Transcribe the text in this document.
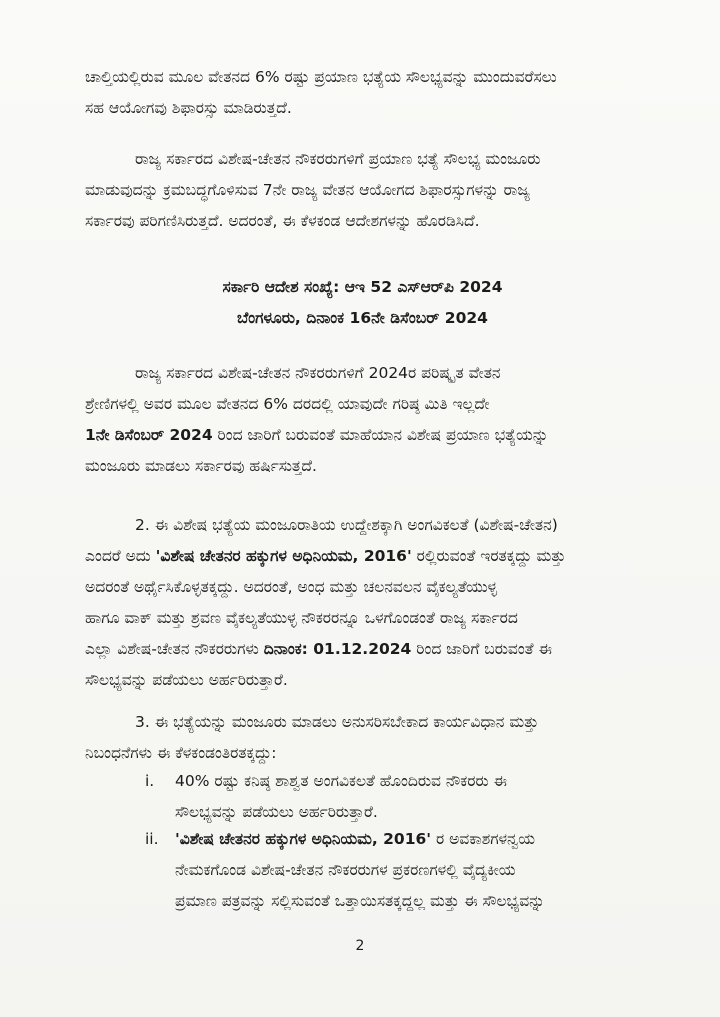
ಚಾಲ್ತಿಯಲ್ಲಿರುವ ಮೂಲ ವೇತನದ 6% ರಷ್ಟು ಪ್ರಯಾಣ ಭತ್ಯೆಯ ಸೌಲಭ್ಯವನ್ನು ಮುಂದುವರೆಸಲು
ಸಹ ಆಯೋಗವು ಶಿಫಾರಸ್ಸು ಮಾಡಿರುತ್ತದೆ.
ರಾಜ್ಯ ಸರ್ಕಾರದ ವಿಶೇಷ-ಚೇತನ ನೌಕರರುಗಳಿಗೆ ಪ್ರಯಾಣ ಭತ್ಯೆ ಸೌಲಭ್ಯ ಮಂಜೂರು
ಮಾಡುವುದನ್ನು ಕ್ರಮಬದ್ಧಗೊಳಿಸುವ 7ನೇ ರಾಜ್ಯ ವೇತನ ಆಯೋಗದ ಶಿಫಾರಸ್ಸುಗಳನ್ನು ರಾಜ್ಯ
ಸರ್ಕಾರವು ಪರಿಗಣಿಸಿರುತ್ತದೆ. ಅದರಂತೆ, ಈ ಕೆಳಕಂಡ ಆದೇಶಗಳನ್ನು ಹೊರಡಿಸಿದೆ.
ಸರ್ಕಾರಿ ಆದೇಶ ಸಂಖ್ಯೆ: ಆಇ 52 ಎಸ್‌ಆರ್‌ಪಿ 2024
ಬೆಂಗಳೂರು, ದಿನಾಂಕ 16ನೇ ಡಿಸೆಂಬರ್ 2024
ರಾಜ್ಯ ಸರ್ಕಾರದ ವಿಶೇಷ-ಚೇತನ ನೌಕರರುಗಳಿಗೆ 2024ರ ಪರಿಷ್ಕೃತ ವೇತನ
ಶ್ರೇಣಿಗಳಲ್ಲಿ ಅವರ ಮೂಲ ವೇತನದ 6% ದರದಲ್ಲಿ ಯಾವುದೇ ಗರಿಷ್ಠ ಮಿತಿ ಇಲ್ಲದೇ
1ನೇ ಡಿಸೆಂಬರ್ 2024 ರಿಂದ ಜಾರಿಗೆ ಬರುವಂತೆ ಮಾಹೆಯಾನ ವಿಶೇಷ ಪ್ರಯಾಣ ಭತ್ಯೆಯನ್ನು
ಮಂಜೂರು ಮಾಡಲು ಸರ್ಕಾರವು ಹರ್ಷಿಸುತ್ತದೆ.
2. ಈ ವಿಶೇಷ ಭತ್ಯೆಯ ಮಂಜೂರಾತಿಯ ಉದ್ದೇಶಕ್ಕಾಗಿ ಅಂಗವಿಕಲತೆ (ವಿಶೇಷ-ಚೇತನ)
ಎಂದರೆ ಅದು 'ವಿಶೇಷ ಚೇತನರ ಹಕ್ಕುಗಳ ಅಧಿನಿಯಮ, 2016' ರಲ್ಲಿರುವಂತೆ ಇರತಕ್ಕದ್ದು ಮತ್ತು
ಅದರಂತೆ ಅರ್ಥೈಸಿಕೊಳ್ಳತಕ್ಕದ್ದು. ಅದರಂತೆ, ಅಂಧ ಮತ್ತು ಚಲನವಲನ ವೈಕಲ್ಯತೆಯುಳ್ಳ
ಹಾಗೂ ವಾಕ್ ಮತ್ತು ಶ್ರವಣ ವೈಕಲ್ಯತೆಯುಳ್ಳ ನೌಕರರನ್ನೂ ಒಳಗೊಂಡಂತೆ ರಾಜ್ಯ ಸರ್ಕಾರದ
ಎಲ್ಲಾ ವಿಶೇಷ-ಚೇತನ ನೌಕರರುಗಳು ದಿನಾಂಕ: 01.12.2024 ರಿಂದ ಜಾರಿಗೆ ಬರುವಂತೆ ಈ
ಸೌಲಭ್ಯವನ್ನು ಪಡೆಯಲು ಅರ್ಹರಿರುತ್ತಾರೆ.
3. ಈ ಭತ್ಯೆಯನ್ನು ಮಂಜೂರು ಮಾಡಲು ಅನುಸರಿಸಬೇಕಾದ ಕಾರ್ಯವಿಧಾನ ಮತ್ತು
ನಿಬಂಧನೆಗಳು ಈ ಕೆಳಕಂಡಂತಿರತಕ್ಕದ್ದು:
i. 40% ರಷ್ಟು ಕನಿಷ್ಠ ಶಾಶ್ವತ ಅಂಗವಿಕಲತೆ ಹೊಂದಿರುವ ನೌಕರರು ಈ
ಸೌಲಭ್ಯವನ್ನು ಪಡೆಯಲು ಅರ್ಹರಿರುತ್ತಾರೆ.
ii. 'ವಿಶೇಷ ಚೇತನರ ಹಕ್ಕುಗಳ ಅಧಿನಿಯಮ, 2016' ರ ಅವಕಾಶಗಳನ್ವಯ
ನೇಮಕಗೊಂಡ ವಿಶೇಷ-ಚೇತನ ನೌಕರರುಗಳ ಪ್ರಕರಣಗಳಲ್ಲಿ ವೈದ್ಯಕೀಯ
ಪ್ರಮಾಣ ಪತ್ರವನ್ನು ಸಲ್ಲಿಸುವಂತೆ ಒತ್ತಾಯಿಸತಕ್ಕದ್ದಲ್ಲ ಮತ್ತು ಈ ಸೌಲಭ್ಯವನ್ನು
2
